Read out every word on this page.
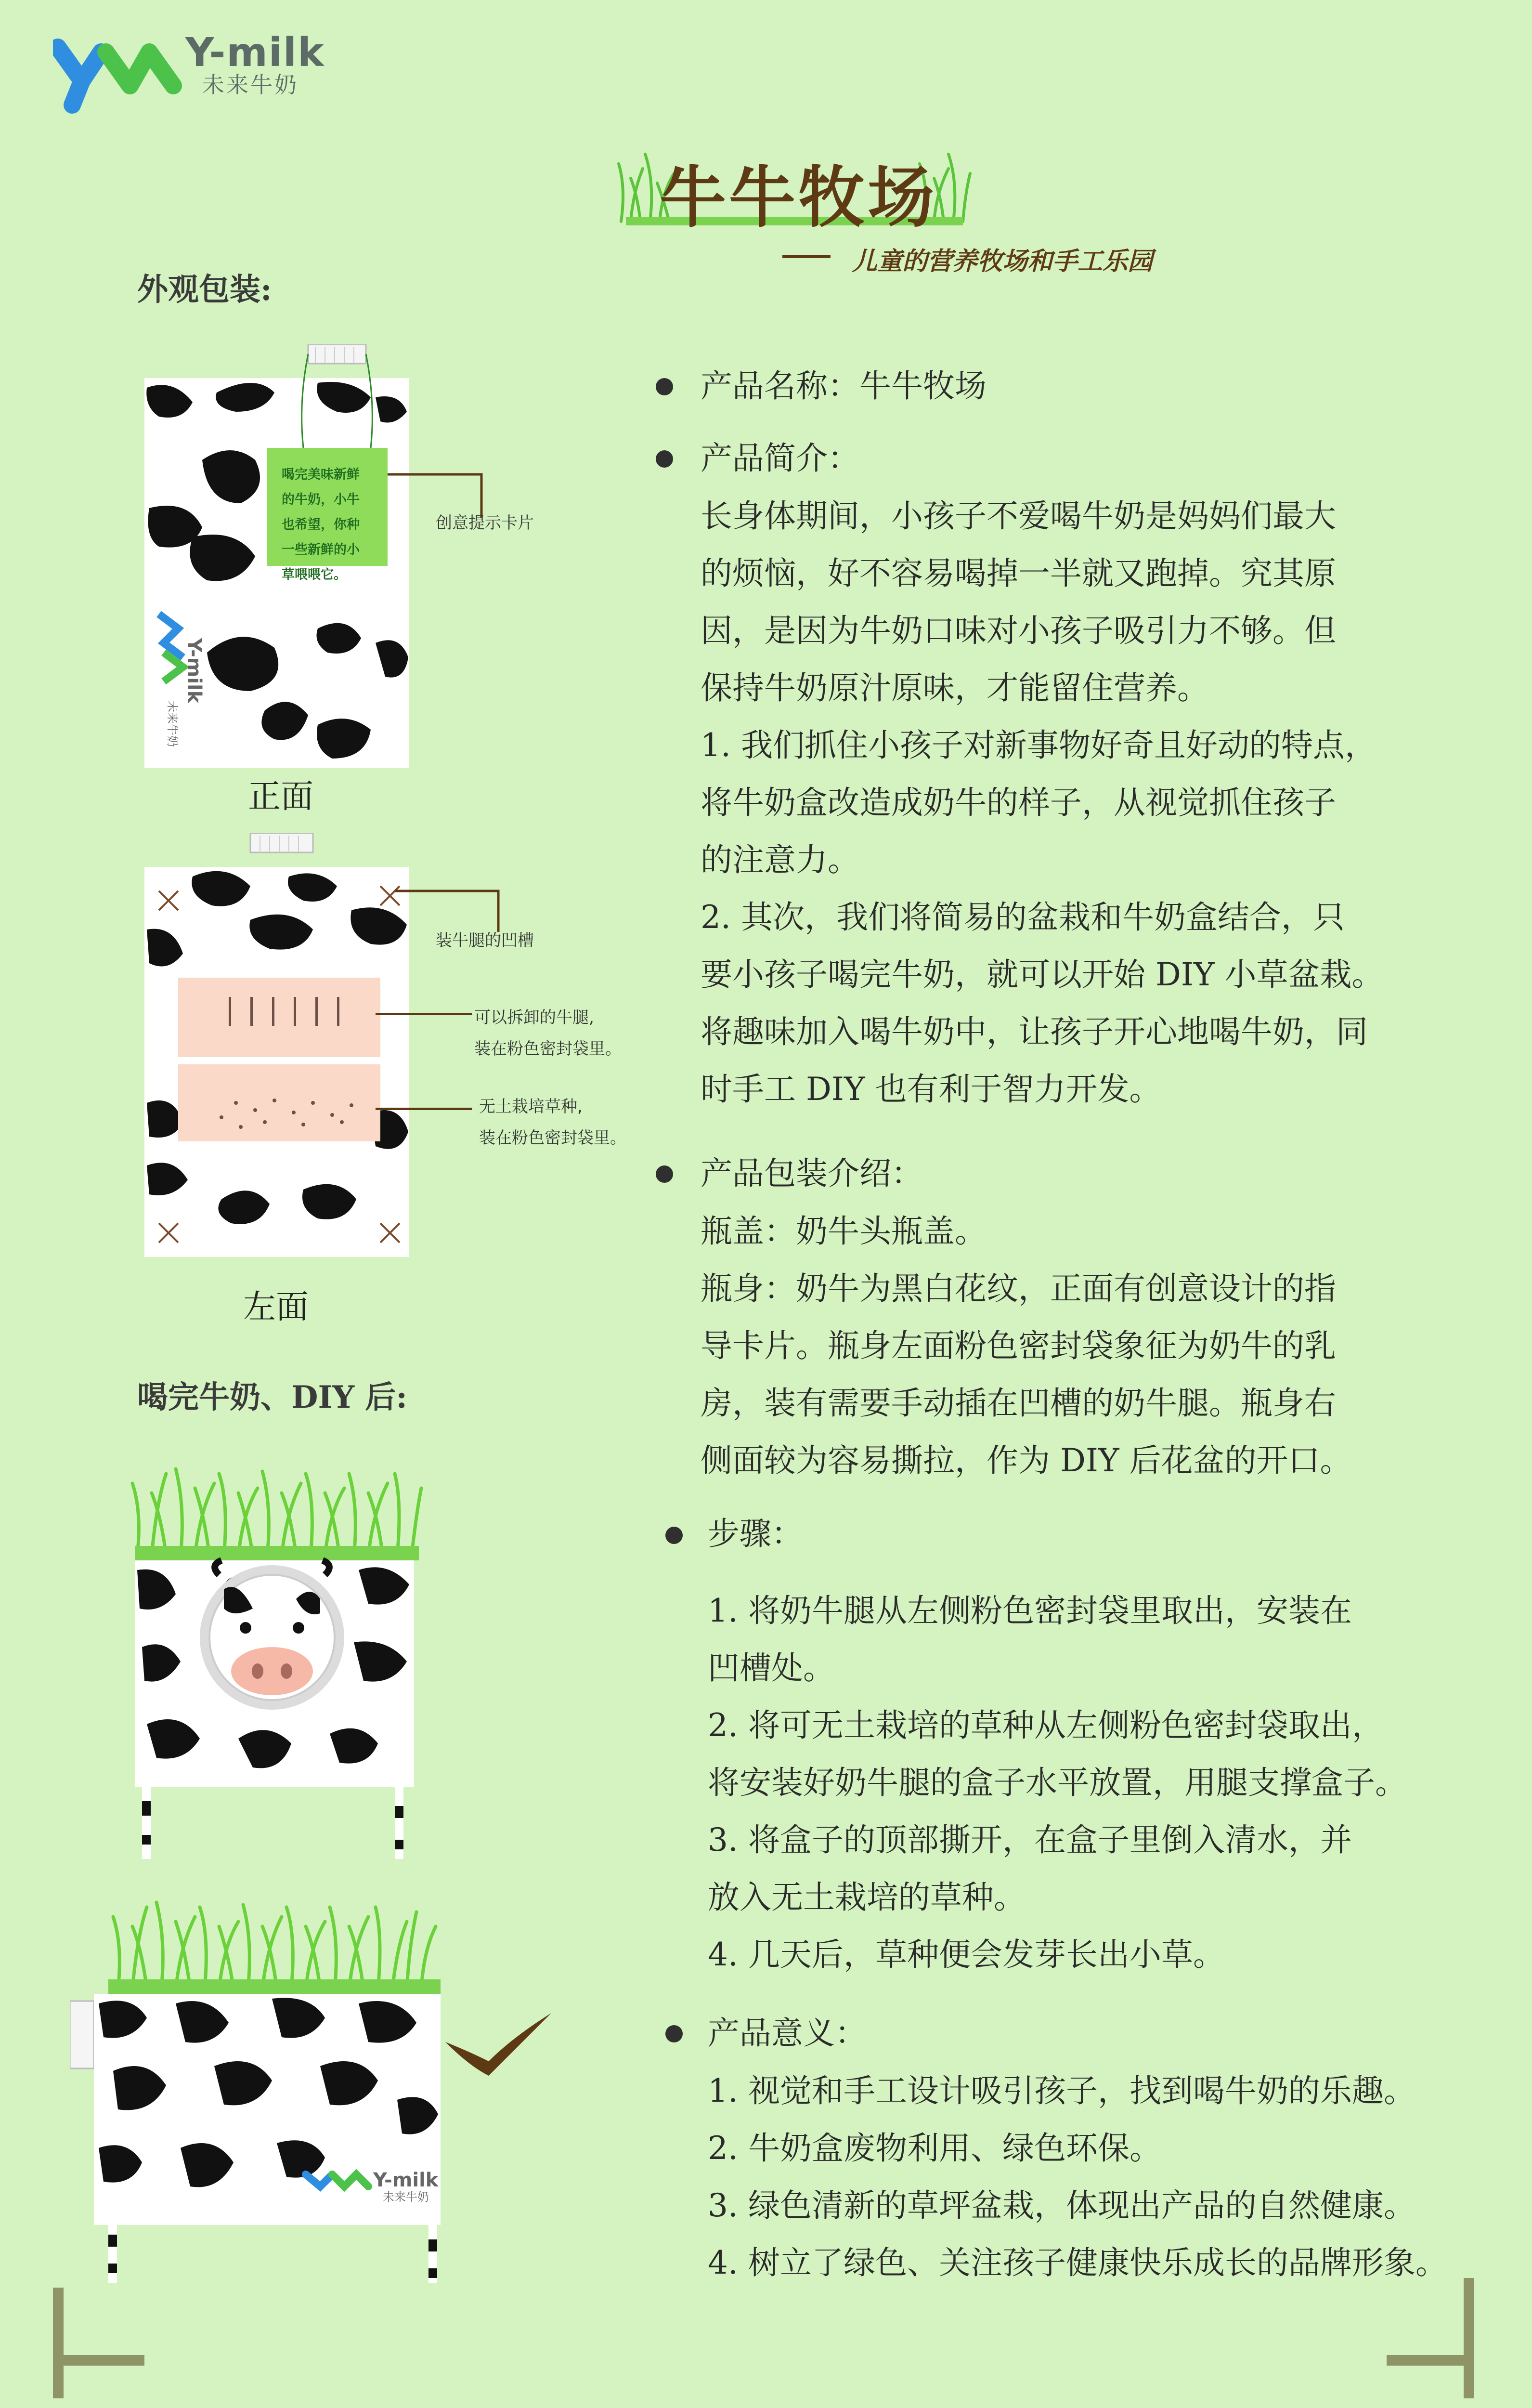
Y-milk
未来牛奶
牛牛牧场
儿童的营养牧场和手工乐园
外观包装:
Y-milk
未来牛奶
喝完美味新鲜
的牛奶，小牛
也希望，你种
一些新鲜的小
草喂喂它。
创意提示卡片
正面
装牛腿的凹槽
可以拆卸的牛腿,
装在粉色密封袋里。
无土栽培草种,
装在粉色密封袋里。
左面
喝完牛奶、DIY 后:
Y-milk
未来牛奶
产品名称：牛牛牧场
产品简介：
长身体期间，小孩子不爱喝牛奶是妈妈们最大
的烦恼，好不容易喝掉一半就又跑掉。究其原
因，是因为牛奶口味对小孩子吸引力不够。但
保持牛奶原汁原味，才能留住营养。
1. 我们抓住小孩子对新事物好奇且好动的特点，
将牛奶盒改造成奶牛的样子，从视觉抓住孩子
的注意力。
2. 其次，我们将简易的盆栽和牛奶盒结合，只
要小孩子喝完牛奶，就可以开始 DIY 小草盆栽。
将趣味加入喝牛奶中，让孩子开心地喝牛奶，同
时手工 DIY 也有利于智力开发。
产品包装介绍：
瓶盖：奶牛头瓶盖。
瓶身：奶牛为黑白花纹，正面有创意设计的指
导卡片。瓶身左面粉色密封袋象征为奶牛的乳
房，装有需要手动插在凹槽的奶牛腿。瓶身右
侧面较为容易撕拉，作为 DIY 后花盆的开口。
步骤：
1. 将奶牛腿从左侧粉色密封袋里取出，安装在
凹槽处。
2. 将可无土栽培的草种从左侧粉色密封袋取出，
将安装好奶牛腿的盒子水平放置，用腿支撑盒子。
3. 将盒子的顶部撕开，在盒子里倒入清水，并
放入无土栽培的草种。
4. 几天后，草种便会发芽长出小草。
产品意义：
1. 视觉和手工设计吸引孩子，找到喝牛奶的乐趣。
2. 牛奶盒废物利用、绿色环保。
3. 绿色清新的草坪盆栽，体现出产品的自然健康。
4. 树立了绿色、关注孩子健康快乐成长的品牌形象。
